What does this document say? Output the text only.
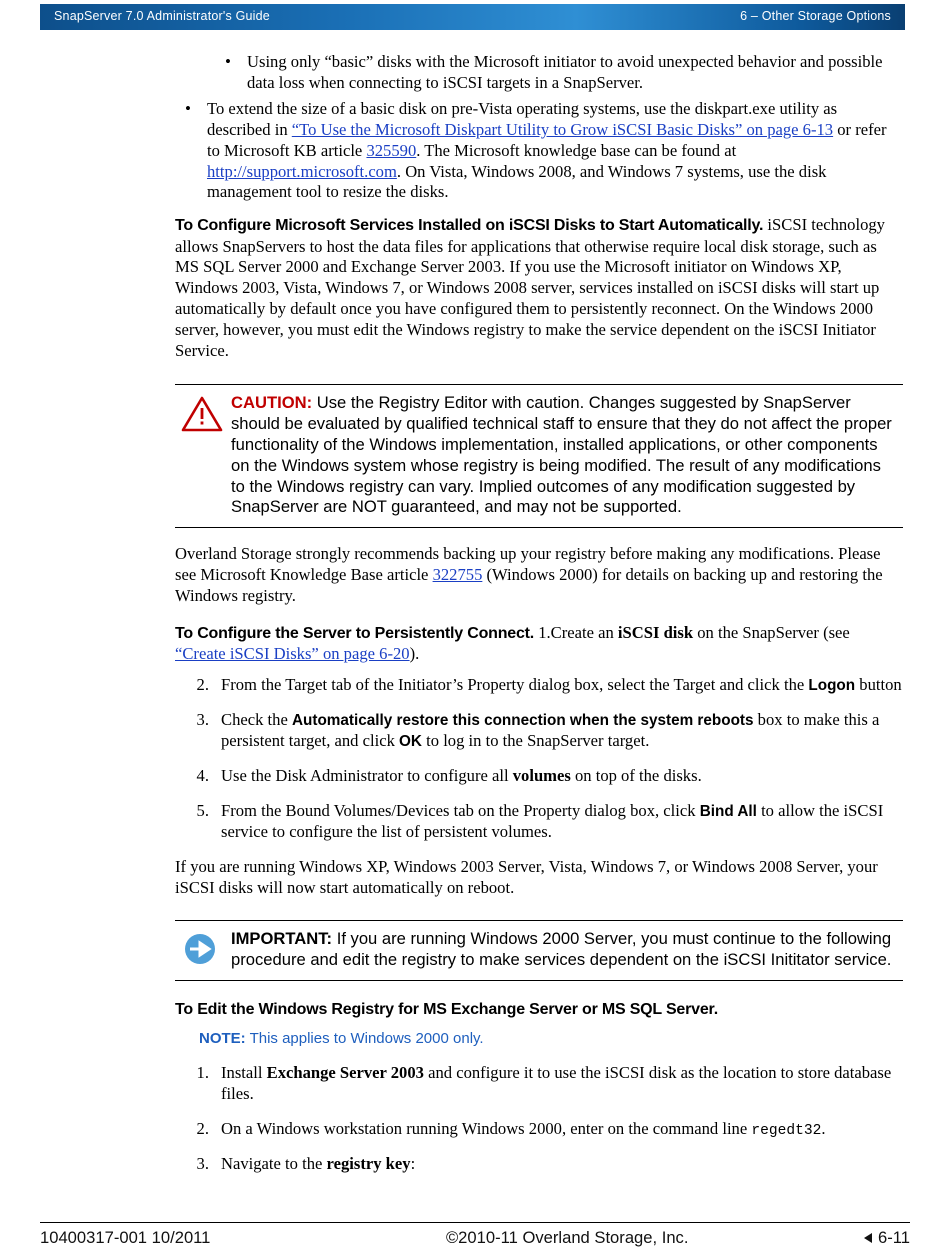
SnapServer 7.0 Administrator's Guide	6 – Other Storage Options
• Using only “basic” disks with the Microsoft initiator to avoid unexpected behavior and possible data loss when connecting to iSCSI targets in a SnapServer.
• To extend the size of a basic disk on pre-Vista operating systems, use the diskpart.exe utility as described in “To Use the Microsoft Diskpart Utility to Grow iSCSI Basic Disks” on page 6-13 or refer to Microsoft KB article 325590. The Microsoft knowledge base can be found at http://support.microsoft.com. On Vista, Windows 2008, and Windows 7 systems, use the disk management tool to resize the disks.

To Configure Microsoft Services Installed on iSCSI Disks to Start Automatically. iSCSI technology allows SnapServers to host the data files for applications that otherwise require local disk storage, such as MS SQL Server 2000 and Exchange Server 2003. If you use the Microsoft initiator on Windows XP, Windows 2003, Vista, Windows 7, or Windows 2008 server, services installed on iSCSI disks will start up automatically by default once you have configured them to persistently reconnect. On the Windows 2000 server, however, you must edit the Windows registry to make the service dependent on the iSCSI Initiator Service.

CAUTION: Use the Registry Editor with caution. Changes suggested by SnapServer should be evaluated by qualified technical staff to ensure that they do not affect the proper functionality of the Windows implementation, installed applications, or other components on the Windows system whose registry is being modified. The result of any modifications to the Windows registry can vary. Implied outcomes of any modification suggested by SnapServer are NOT guaranteed, and may not be supported.

Overland Storage strongly recommends backing up your registry before making any modifications. Please see Microsoft Knowledge Base article 322755 (Windows 2000) for details on backing up and restoring the Windows registry.

To Configure the Server to Persistently Connect. 1.Create an iSCSI disk on the SnapServer (see “Create iSCSI Disks” on page 6-20).

2. From the Target tab of the Initiator’s Property dialog box, select the Target and click the Logon button
3. Check the Automatically restore this connection when the system reboots box to make this a persistent target, and click OK to log in to the SnapServer target.
4. Use the Disk Administrator to configure all volumes on top of the disks.
5. From the Bound Volumes/Devices tab on the Property dialog box, click Bind All to allow the iSCSI service to configure the list of persistent volumes.

If you are running Windows XP, Windows 2003 Server, Vista, Windows 7, or Windows 2008 Server, your iSCSI disks will now start automatically on reboot.

IMPORTANT: If you are running Windows 2000 Server, you must continue to the following procedure and edit the registry to make services dependent on the iSCSI Inititator service.

To Edit the Windows Registry for MS Exchange Server or MS SQL Server.

NOTE: This applies to Windows 2000 only.
1. Install Exchange Server 2003 and configure it to use the iSCSI disk as the location to store database files.
2. On a Windows workstation running Windows 2000, enter on the command line regedt32.
3. Navigate to the registry key:
10400317-001 10/2011	©2010-11 Overland Storage, Inc.	6-11
